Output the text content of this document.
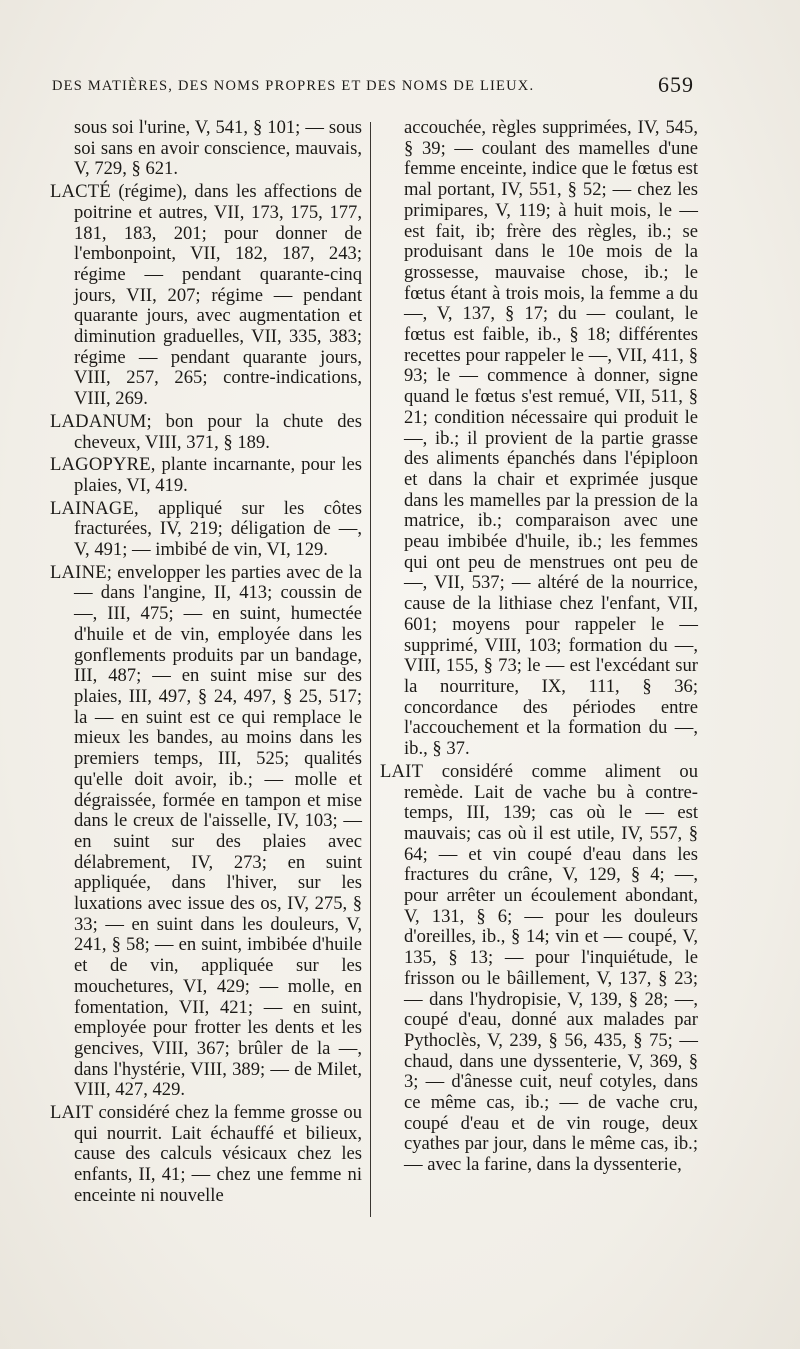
DES MATIÈRES, DES NOMS PROPRES ET DES NOMS DE LIEUX.	659

sous soi l'urine, V, 541, § 101; — sous soi sans en avoir conscience, mauvais, V, 729, § 621.

LACTÉ (régime), dans les affections de poitrine et autres, VII, 173, 175, 177, 181, 183, 201; pour donner de l'embonpoint, VII, 182, 187, 243; régime — pendant quarante-cinq jours, VII, 207; régime — pendant quarante jours, avec augmentation et diminution graduelles, VII, 335, 383; régime — pendant quarante jours, VIII, 257, 265; contre-indications, VIII, 269.

LADANUM; bon pour la chute des cheveux, VIII, 371, § 189.

LAGOPYRE, plante incarnante, pour les plaies, VI, 419.

LAINAGE, appliqué sur les côtes fracturées, IV, 219; déligation de —, V, 491; — imbibé de vin, VI, 129.

LAINE; envelopper les parties avec de la — dans l'angine, II, 413; coussin de —, III, 475; — en suint, humectée d'huile et de vin, employée dans les gonflements produits par un bandage, III, 487; — en suint mise sur des plaies, III, 497, § 24, 497, § 25, 517; la — en suint est ce qui remplace le mieux les bandes, au moins dans les premiers temps, III, 525; qualités qu'elle doit avoir, ib.; — molle et dégraissée, formée en tampon et mise dans le creux de l'aisselle, IV, 103; — en suint sur des plaies avec délabrement, IV, 273; en suint appliquée, dans l'hiver, sur les luxations avec issue des os, IV, 275, § 33; — en suint dans les douleurs, V, 241, § 58; — en suint, imbibée d'huile et de vin, appliquée sur les mouchetures, VI, 429; — molle, en fomentation, VII, 421; — en suint, employée pour frotter les dents et les gencives, VIII, 367; brûler de la —, dans l'hystérie, VIII, 389; — de Milet, VIII, 427, 429.

LAIT considéré chez la femme grosse ou qui nourrit. Lait échauffé et bilieux, cause des calculs vésicaux chez les enfants, II, 41; — chez une femme ni enceinte ni nouvelle

accouchée, règles supprimées, IV, 545, § 39; — coulant des mamelles d'une femme enceinte, indice que le fœtus est mal portant, IV, 551, § 52; — chez les primipares, V, 119; à huit mois, le — est fait, ib; frère des règles, ib.; se produisant dans le 10e mois de la grossesse, mauvaise chose, ib.; le fœtus étant à trois mois, la femme a du —, V, 137, § 17; du — coulant, le fœtus est faible, ib., § 18; différentes recettes pour rappeler le —, VII, 411, § 93; le — commence à donner, signe quand le fœtus s'est remué, VII, 511, § 21; condition nécessaire qui produit le —, ib.; il provient de la partie grasse des aliments épanchés dans l'épiploon et dans la chair et exprimée jusque dans les mamelles par la pression de la matrice, ib.; comparaison avec une peau imbibée d'huile, ib.; les femmes qui ont peu de menstrues ont peu de —, VII, 537; — altéré de la nourrice, cause de la lithiase chez l'enfant, VII, 601; moyens pour rappeler le — supprimé, VIII, 103; formation du —, VIII, 155, § 73; le — est l'excédant sur la nourriture, IX, 111, § 36; concordance des périodes entre l'accouchement et la formation du —, ib., § 37.

LAIT considéré comme aliment ou remède. Lait de vache bu à contre-temps, III, 139; cas où le — est mauvais; cas où il est utile, IV, 557, § 64; — et vin coupé d'eau dans les fractures du crâne, V, 129, § 4; —, pour arrêter un écoulement abondant, V, 131, § 6; — pour les douleurs d'oreilles, ib., § 14; vin et — coupé, V, 135, § 13; — pour l'inquiétude, le frisson ou le bâillement, V, 137, § 23; — dans l'hydropisie, V, 139, § 28; —, coupé d'eau, donné aux malades par Pythoclès, V, 239, § 56, 435, § 75; — chaud, dans une dyssenterie, V, 369, § 3; — d'ânesse cuit, neuf cotyles, dans ce même cas, ib.; — de vache cru, coupé d'eau et de vin rouge, deux cyathes par jour, dans le même cas, ib.; — avec la farine, dans la dyssenterie,
